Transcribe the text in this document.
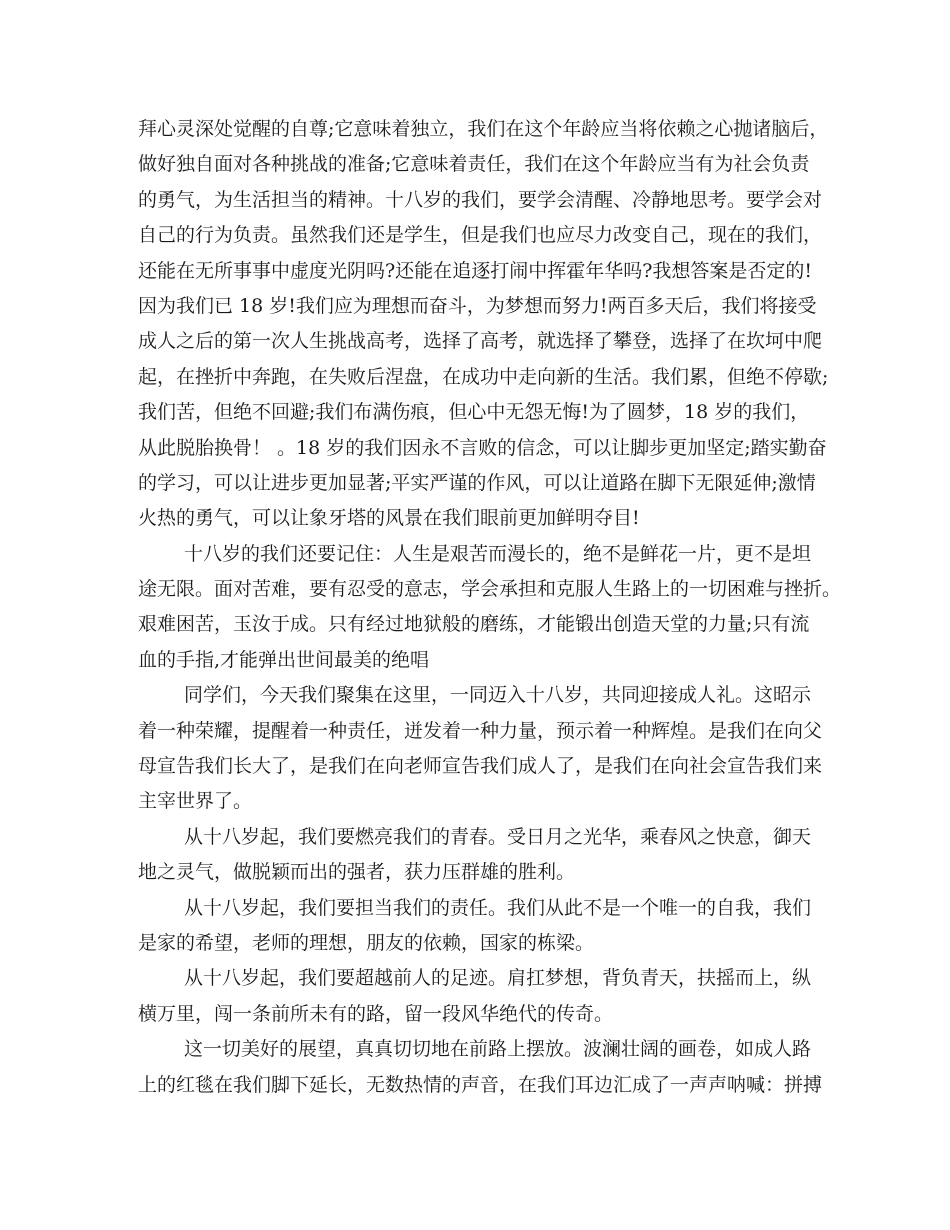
拜心灵深处觉醒的自尊;它意味着独立，我们在这个年龄应当将依赖之心抛诸脑后，
做好独自面对各种挑战的准备;它意味着责任，我们在这个年龄应当有为社会负责
的勇气，为生活担当的精神。十八岁的我们，要学会清醒、冷静地思考。要学会对
自己的行为负责。虽然我们还是学生，但是我们也应尽力改变自己，现在的我们，
还能在无所事事中虚度光阴吗?还能在追逐打闹中挥霍年华吗?我想答案是否定的!
因为我们已 18 岁!我们应为理想而奋斗，为梦想而努力!两百多天后，我们将接受
成人之后的第一次人生挑战高考，选择了高考，就选择了攀登，选择了在坎坷中爬
起，在挫折中奔跑，在失败后涅盘，在成功中走向新的生活。我们累，但绝不停歇;
我们苦，但绝不回避;我们布满伤痕，但心中无怨无悔!为了圆梦，18 岁的我们，
从此脱胎换骨！ 。18 岁的我们因永不言败的信念，可以让脚步更加坚定;踏实勤奋
的学习，可以让进步更加显著;平实严谨的作风，可以让道路在脚下无限延伸;激情
火热的勇气，可以让象牙塔的风景在我们眼前更加鲜明夺目!
十八岁的我们还要记住：人生是艰苦而漫长的，绝不是鲜花一片，更不是坦
途无限。面对苦难，要有忍受的意志，学会承担和克服人生路上的一切困难与挫折。
艰难困苦，玉汝于成。只有经过地狱般的磨练，才能锻出创造天堂的力量;只有流
血的手指,才能弹出世间最美的绝唱
同学们，今天我们聚集在这里，一同迈入十八岁，共同迎接成人礼。这昭示
着一种荣耀，提醒着一种责任，迸发着一种力量，预示着一种辉煌。是我们在向父
母宣告我们长大了，是我们在向老师宣告我们成人了，是我们在向社会宣告我们来
主宰世界了。
从十八岁起，我们要燃亮我们的青春。受日月之光华，乘春风之快意，御天
地之灵气，做脱颖而出的强者，获力压群雄的胜利。
从十八岁起，我们要担当我们的责任。我们从此不是一个唯一的自我，我们
是家的希望，老师的理想，朋友的依赖，国家的栋梁。
从十八岁起，我们要超越前人的足迹。肩扛梦想，背负青天，扶摇而上，纵
横万里，闯一条前所未有的路，留一段风华绝代的传奇。
这一切美好的展望，真真切切地在前路上摆放。波澜壮阔的画卷，如成人路
上的红毯在我们脚下延长，无数热情的声音，在我们耳边汇成了一声声呐喊：拼搏
